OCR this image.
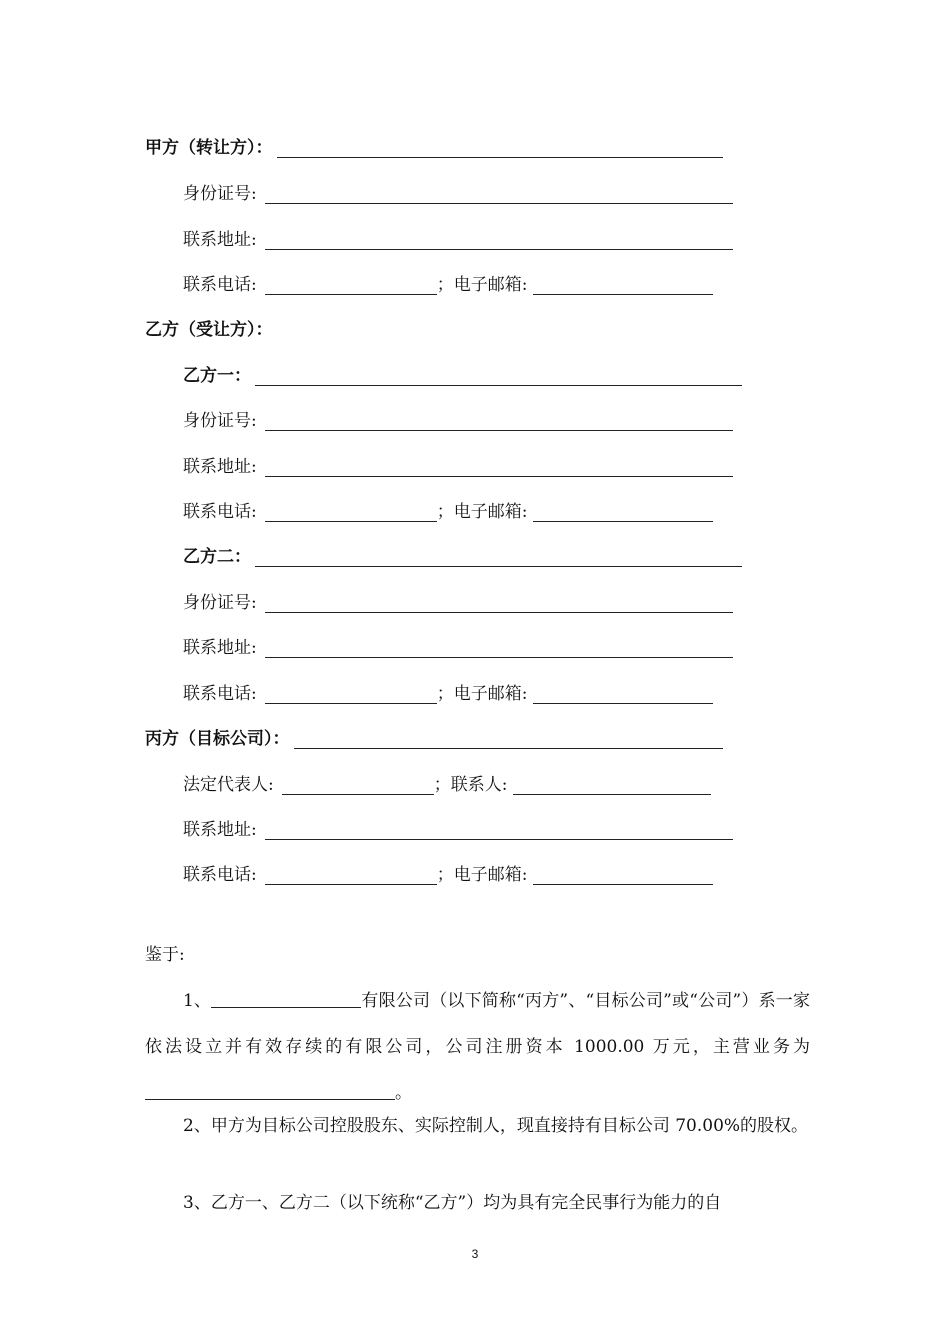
甲方（转让方）：
身份证号:
联系地址:
联系电话:	；电子邮箱:
乙方（受让方）：
乙方一：
身份证号:
联系地址:
联系电话:	；电子邮箱:
乙方二：
身份证号:
联系地址:
联系电话:	；电子邮箱:
丙方（目标公司）：
法定代表人:	；联系人:
联系地址:
联系电话:	；电子邮箱:
鉴于:
1、	有限公司（以下简称“丙方”、“目标公司”或“公司”）系一家依法设立并有效存续的有限公司，公司注册资本 1000.00 万元，主营业务为。
2、甲方为目标公司控股股东、实际控制人，现直接持有目标公司 70.00%的股权。
3、乙方一、乙方二（以下统称“乙方”）均为具有完全民事行为能力的自
3
